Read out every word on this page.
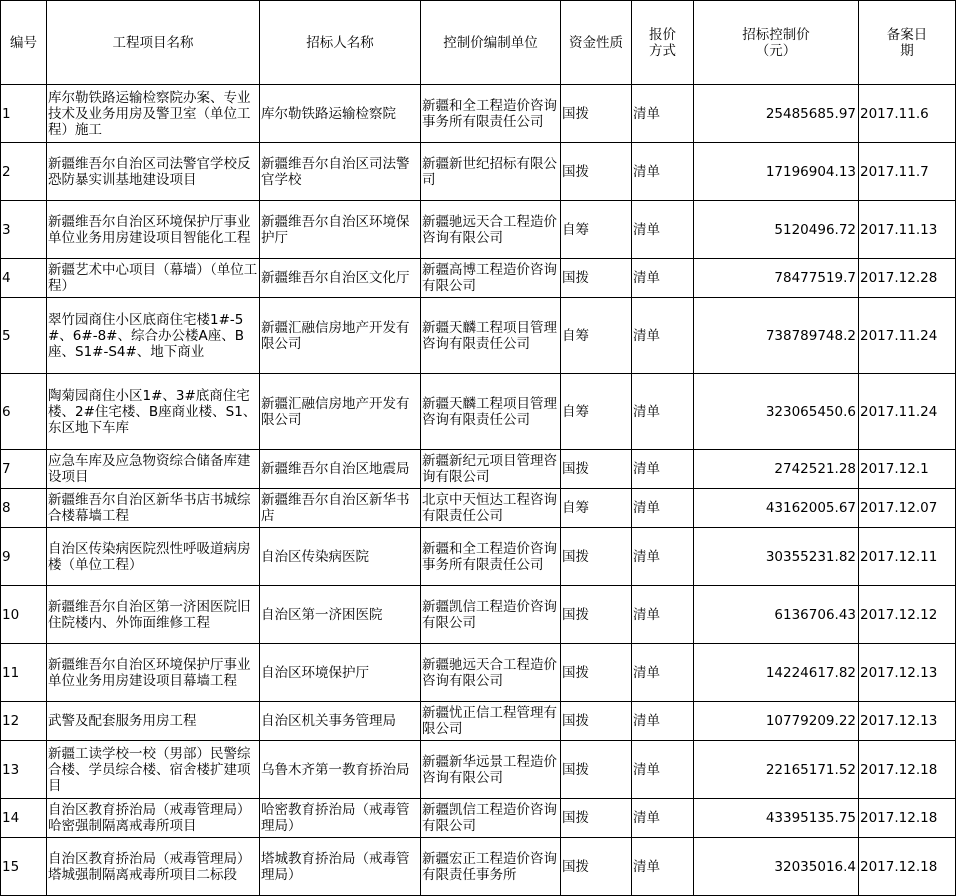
编号	工程项目名称	招标人名称	控制价编制单位	资金性质	报价方式	招标控制价（元）	备案日期
1	库尔勒铁路运输检察院办案、专业技术及业务用房及警卫室（单位工程）施工	库尔勒铁路运输检察院	新疆和全工程造价咨询事务所有限责任公司	国拨	清单	25485685.97	2017.11.6
2	新疆维吾尔自治区司法警官学校反恐防暴实训基地建设项目	新疆维吾尔自治区司法警官学校	新疆新世纪招标有限公司	国拨	清单	17196904.13	2017.11.7
3	新疆维吾尔自治区环境保护厅事业单位业务用房建设项目智能化工程	新疆维吾尔自治区环境保护厅	新疆驰远天合工程造价咨询有限公司	自筹	清单	5120496.72	2017.11.13
4	新疆艺术中心项目（幕墙）（单位工程）	新疆维吾尔自治区文化厅	新疆高博工程造价咨询有限公司	国拨	清单	78477519.7	2017.12.28
5	翠竹园商住小区底商住宅楼1#-5#、6#-8#、综合办公楼A座、B座、S1#-S4#、地下商业	新疆汇融信房地产开发有限公司	新疆天麟工程项目管理咨询有限责任公司	自筹	清单	738789748.2	2017.11.24
6	陶菊园商住小区1#、3#底商住宅楼、2#住宅楼、B座商业楼、S1、东区地下车库	新疆汇融信房地产开发有限公司	新疆天麟工程项目管理咨询有限责任公司	自筹	清单	323065450.6	2017.11.24
7	应急车库及应急物资综合储备库建设项目	新疆维吾尔自治区地震局	新疆新纪元项目管理咨询有限公司	国拨	清单	2742521.28	2017.12.1
8	新疆维吾尔自治区新华书店书城综合楼幕墙工程	新疆维吾尔自治区新华书店	北京中天恒达工程咨询有限责任公司	自筹	清单	43162005.67	2017.12.07
9	自治区传染病医院烈性呼吸道病房楼（单位工程）	自治区传染病医院	新疆和全工程造价咨询事务所有限责任公司	国拨	清单	30355231.82	2017.12.11
10	新疆维吾尔自治区第一济困医院旧住院楼内、外饰面维修工程	自治区第一济困医院	新疆凯信工程造价咨询有限公司	国拨	清单	6136706.43	2017.12.12
11	新疆维吾尔自治区环境保护厅事业单位业务用房建设项目幕墙工程	自治区环境保护厅	新疆驰远天合工程造价咨询有限公司	国拨	清单	14224617.82	2017.12.13
12	武警及配套服务用房工程	自治区机关事务管理局	新疆忧正信工程管理有限公司	国拨	清单	10779209.22	2017.12.13
13	新疆工读学校一校（男部）民警综合楼、学员综合楼、宿舍楼扩建项目	乌鲁木齐第一教育挢治局	新疆新华远景工程造价咨询有限公司	国拨	清单	22165171.52	2017.12.18
14	自治区教育挢治局（戒毒管理局）哈密强制隔离戒毒所项目	哈密教育挢治局（戒毒管理局）	新疆凯信工程造价咨询有限公司	国拨	清单	43395135.75	2017.12.18
15	自治区教育挢治局（戒毒管理局）塔城强制隔离戒毒所项目二标段	塔城教育挢治局（戒毒管理局）	新疆宏正工程造价咨询有限责任事务所	国拨	清单	32035016.4	2017.12.18
